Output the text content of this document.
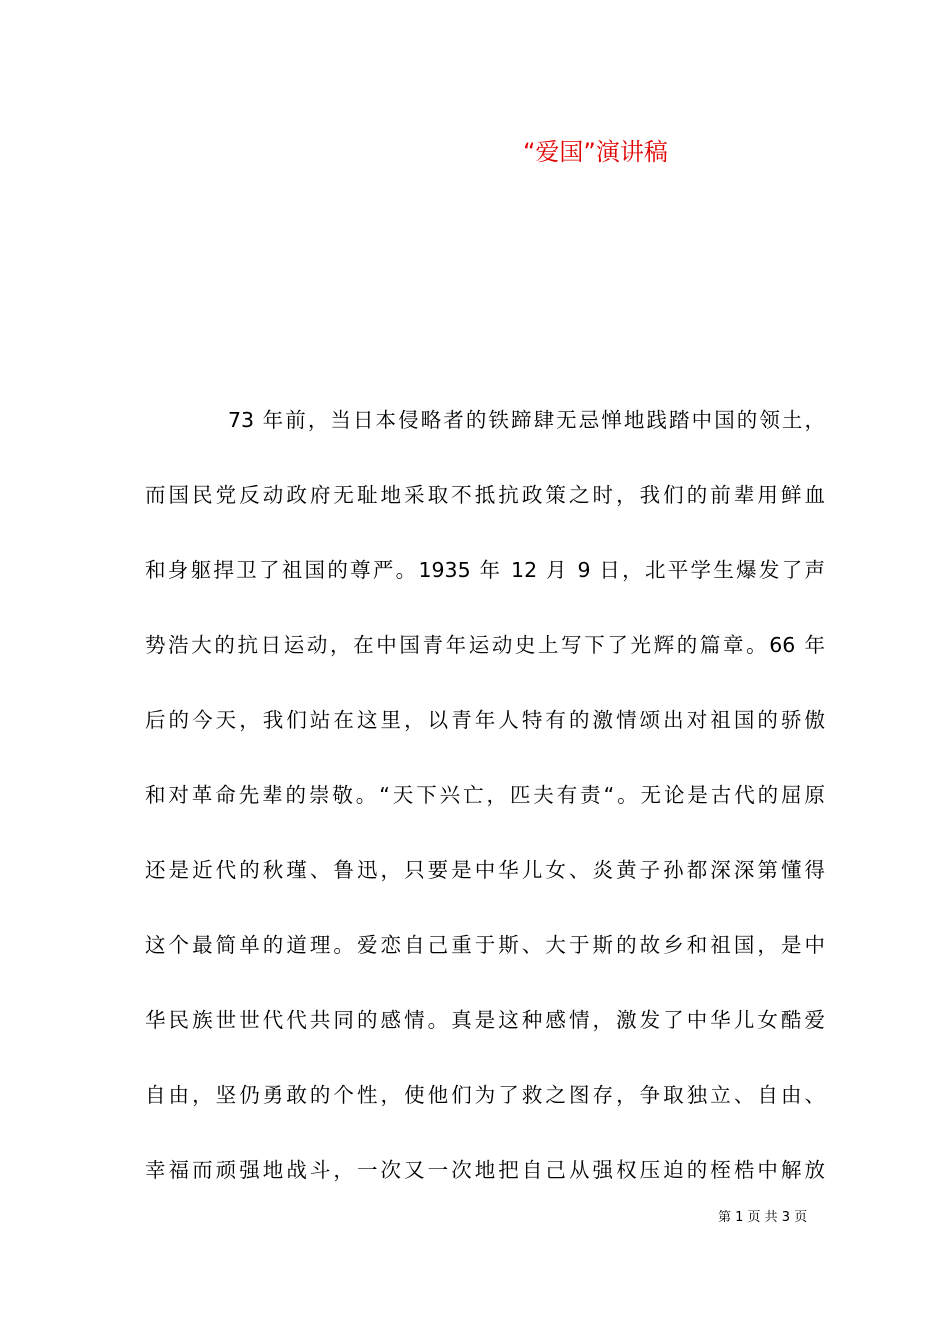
“爱国”演讲稿
73 年前，当日本侵略者的铁蹄肆无忌惮地践踏中国的领土，
而国民党反动政府无耻地采取不抵抗政策之时，我们的前辈用鲜血
和身躯捍卫了祖国的尊严。1935 年 12 月 9 日，北平学生爆发了声
势浩大的抗日运动，在中国青年运动史上写下了光辉的篇章。66 年
后的今天，我们站在这里，以青年人特有的激情颂出对祖国的骄傲
和对革命先辈的崇敬。“天下兴亡，匹夫有责“。无论是古代的屈原
还是近代的秋瑾、鲁迅，只要是中华儿女、炎黄子孙都深深第懂得
这个最简单的道理。爱恋自己重于斯、大于斯的故乡和祖国，是中
华民族世世代代共同的感情。真是这种感情，激发了中华儿女酷爱
自由，坚仍勇敢的个性，使他们为了救之图存，争取独立、自由、
幸福而顽强地战斗，一次又一次地把自己从强权压迫的桎梏中解放
第 1 页 共 3 页
